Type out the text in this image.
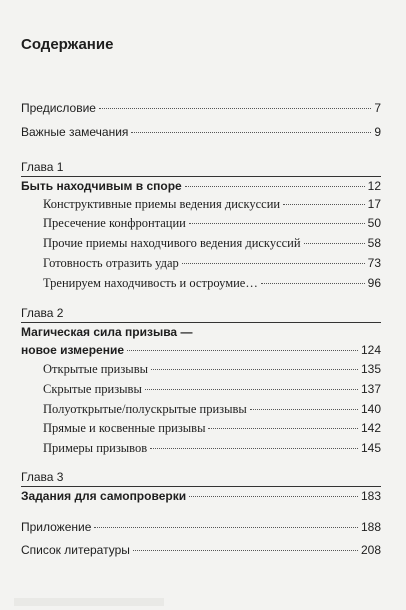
Содержание
Предисловие	7
Важные замечания	9
Глава 1
Быть находчивым в споре	12
Конструктивные приемы ведения дискуссии	17
Пресечение конфронтации	50
Прочие приемы находчивого ведения дискуссий	58
Готовность отразить удар	73
Тренируем находчивость и остроумие…	96
Глава 2
Магическая сила призыва —
новое измерение	124
Открытые призывы	135
Скрытые призывы	137
Полуоткрытые/полускрытые призывы	140
Прямые и косвенные призывы	142
Примеры призывов	145
Глава 3
Задания для самопроверки	183
Приложение	188
Список литературы	208
